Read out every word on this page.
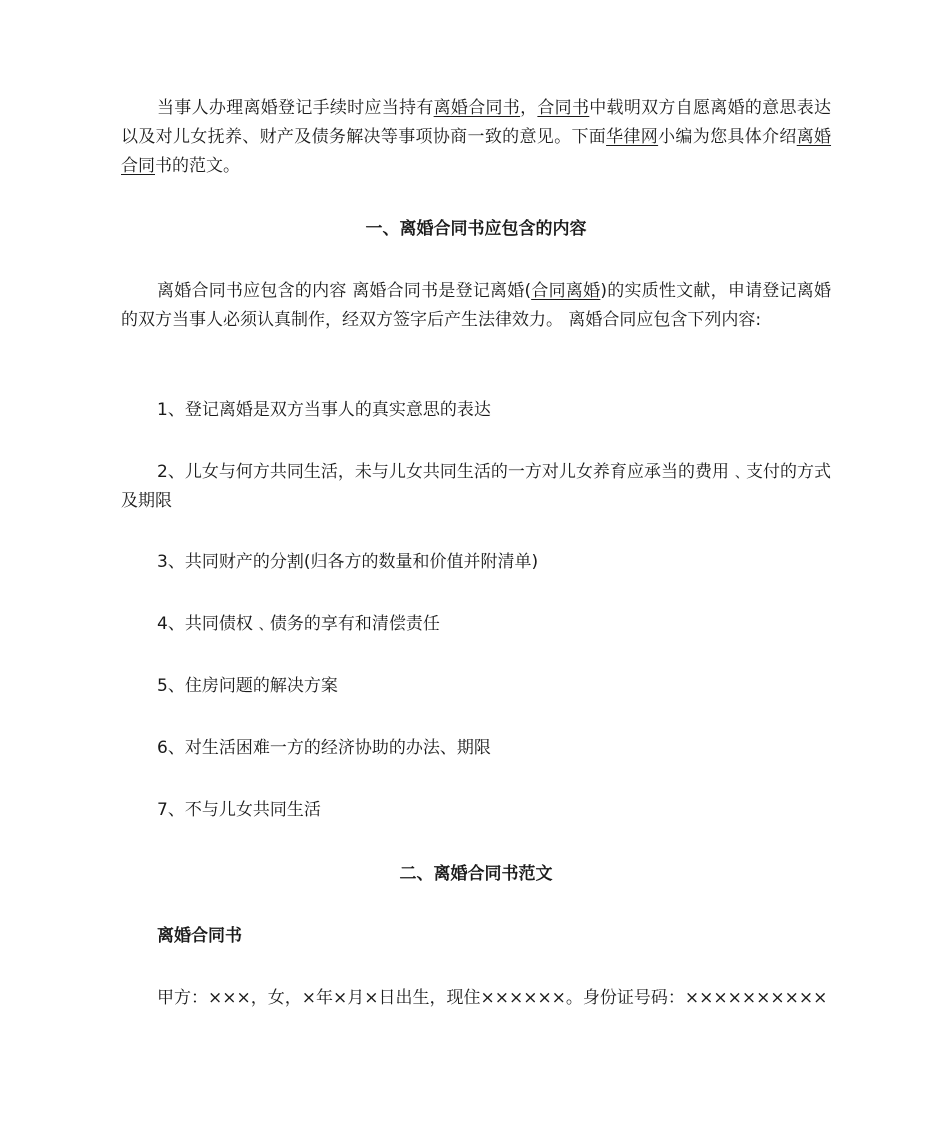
当事人办理离婚登记手续时应当持有离婚合同书，合同书中载明双方自愿离婚的意思表达以及对儿女抚养、财产及债务解决等事项协商一致的意见。下面华律网小编为您具体介绍离婚合同书的范文。

一、离婚合同书应包含的内容

离婚合同书应包含的内容 离婚合同书是登记离婚(合同离婚)的实质性文献，申请登记离婚的双方当事人必须认真制作，经双方签字后产生法律效力。 离婚合同应包含下列内容:

1、登记离婚是双方当事人的真实意思的表达

2、儿女与何方共同生活，未与儿女共同生活的一方对儿女养育应承当的费用﹑支付的方式及期限

3、共同财产的分割(归各方的数量和价值并附清单)

4、共同债权﹑债务的享有和清偿责任

5、住房问题的解决方案

6、对生活困难一方的经济协助的办法、期限

7、不与儿女共同生活

二、离婚合同书范文

离婚合同书

甲方：×××，女，×年×月×日出生，现住××××××。身份证号码：××××××××××
